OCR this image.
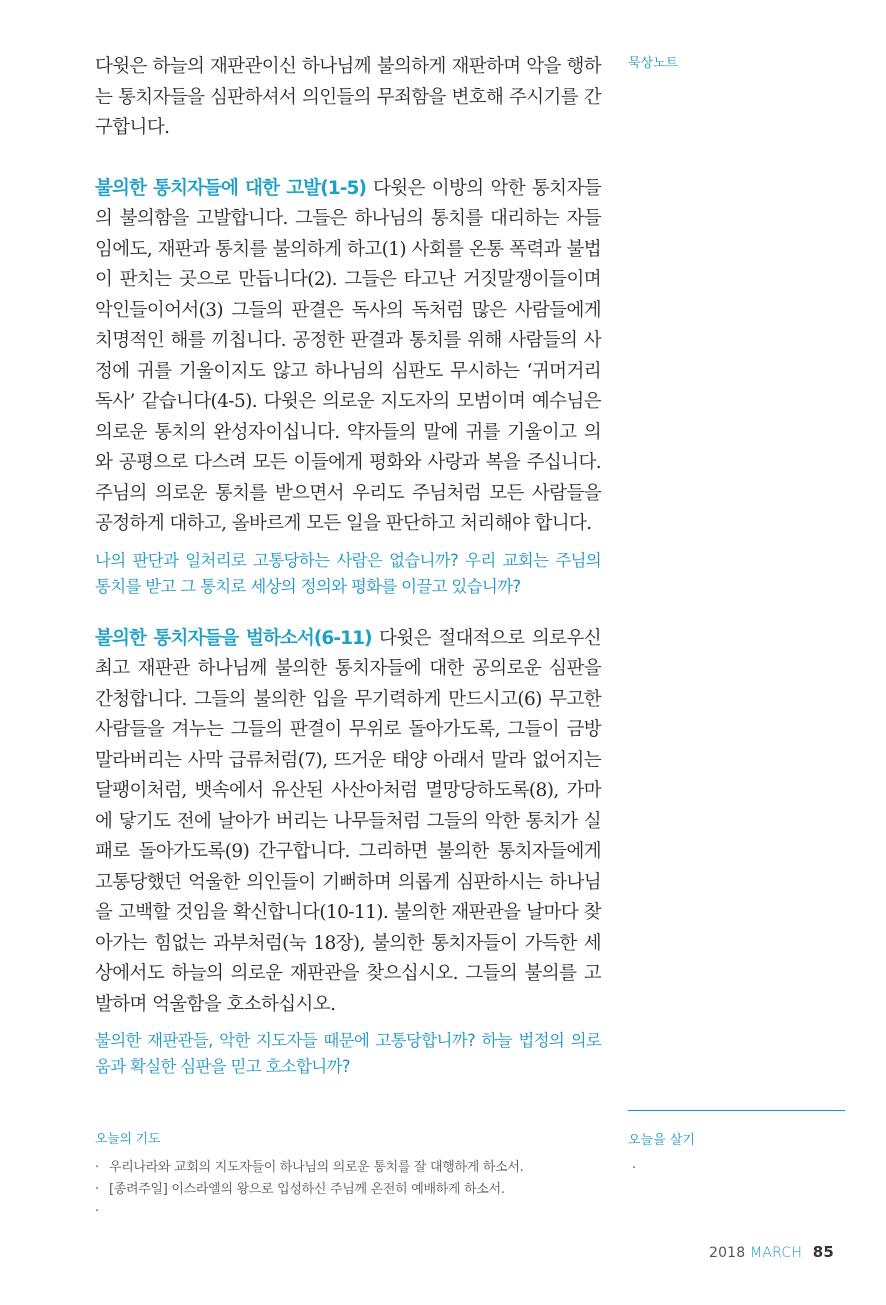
다윗은 하늘의 재판관이신 하나님께 불의하게 재판하며 악을 행하는 통치자들을 심판하셔서 의인들의 무죄함을 변호해 주시기를 간구합니다.

불의한 통치자들에 대한 고발(1-5) 다윗은 이방의 악한 통치자들의 불의함을 고발합니다. 그들은 하나님의 통치를 대리하는 자들임에도, 재판과 통치를 불의하게 하고(1) 사회를 온통 폭력과 불법이 판치는 곳으로 만듭니다(2). 그들은 타고난 거짓말쟁이들이며 악인들이어서(3) 그들의 판결은 독사의 독처럼 많은 사람들에게 치명적인 해를 끼칩니다. 공정한 판결과 통치를 위해 사람들의 사정에 귀를 기울이지도 않고 하나님의 심판도 무시하는 ‘귀머거리 독사’ 같습니다(4-5). 다윗은 의로운 지도자의 모범이며 예수님은 의로운 통치의 완성자이십니다. 약자들의 말에 귀를 기울이고 의와 공평으로 다스려 모든 이들에게 평화와 사랑과 복을 주십니다. 주님의 의로운 통치를 받으면서 우리도 주님처럼 모든 사람들을 공정하게 대하고, 올바르게 모든 일을 판단하고 처리해야 합니다.

나의 판단과 일처리로 고통당하는 사람은 없습니까? 우리 교회는 주님의 통치를 받고 그 통치로 세상의 정의와 평화를 이끌고 있습니까?

불의한 통치자들을 벌하소서(6-11) 다윗은 절대적으로 의로우신 최고 재판관 하나님께 불의한 통치자들에 대한 공의로운 심판을 간청합니다. 그들의 불의한 입을 무기력하게 만드시고(6) 무고한 사람들을 겨누는 그들의 판결이 무위로 돌아가도록, 그들이 금방 말라버리는 사막 급류처럼(7), 뜨거운 태양 아래서 말라 없어지는 달팽이처럼, 뱃속에서 유산된 사산아처럼 멸망당하도록(8), 가마에 닿기도 전에 날아가 버리는 나무들처럼 그들의 악한 통치가 실패로 돌아가도록(9) 간구합니다. 그리하면 불의한 통치자들에게 고통당했던 억울한 의인들이 기뻐하며 의롭게 심판하시는 하나님을 고백할 것임을 확신합니다(10-11). 불의한 재판관을 날마다 찾아가는 힘없는 과부처럼(눅 18장), 불의한 통치자들이 가득한 세상에서도 하늘의 의로운 재판관을 찾으십시오. 그들의 불의를 고발하며 억울함을 호소하십시오.

불의한 재판관들, 악한 지도자들 때문에 고통당합니까? 하늘 법정의 의로움과 확실한 심판을 믿고 호소합니까?

묵상노트
오늘의 기도
· 우리나라와 교회의 지도자들이 하나님의 의로운 통치를 잘 대행하게 하소서.
· [종려주일] 이스라엘의 왕으로 입성하신 주님께 온전히 예배하게 하소서.
·
오늘을 살기
·
2018 MARCH 85
